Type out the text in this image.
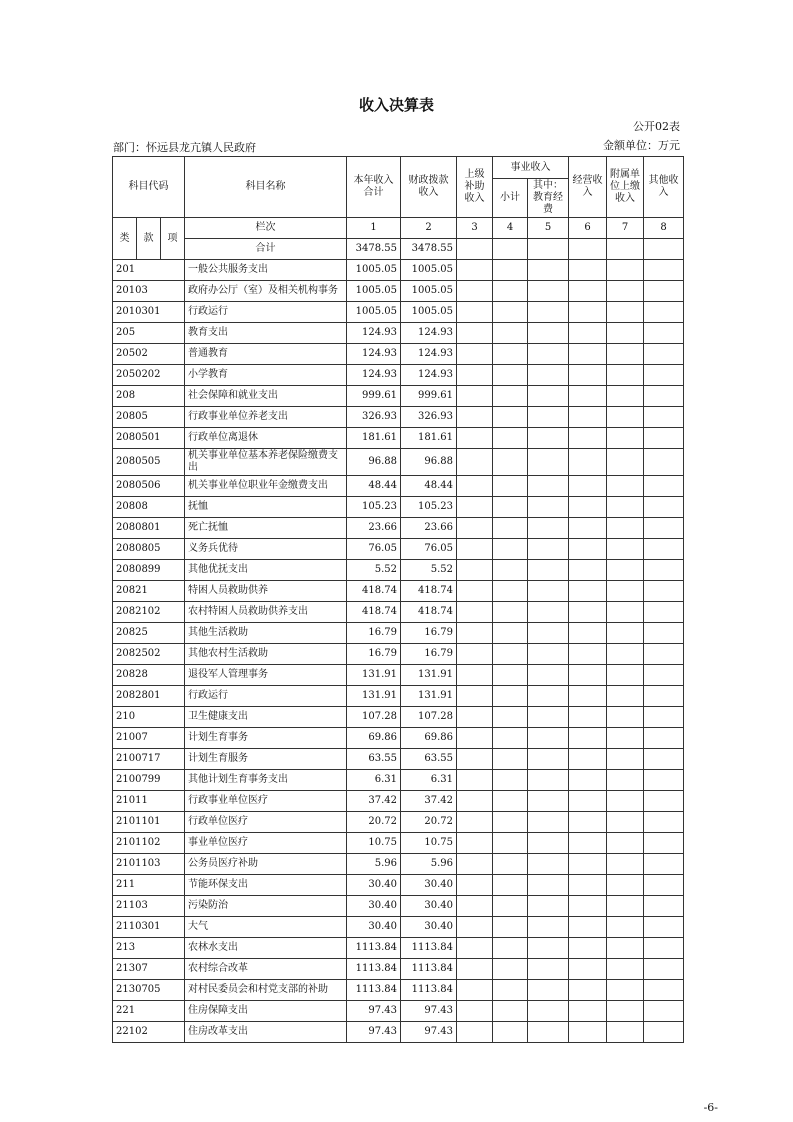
收入决算表
公开02表
部门：怀远县龙亢镇人民政府	金额单位：万元
科目代码			科目名称	本年收入合计	财政拨款收入	上级补助收入	事业收入		经营收入	附属单位上缴收入	其他收入
							小计	其中：教育经费			

类	款	项	栏次	1	2	3	4	5	6	7	8
			合计	3478.55	3478.55						
201			一般公共服务支出	1005.05	1005.05						
20103			政府办公厅（室）及相关机构事务	1005.05	1005.05						
2010301			行政运行	1005.05	1005.05						
205			教育支出	124.93	124.93						
20502			普通教育	124.93	124.93						
2050202			小学教育	124.93	124.93						
208			社会保障和就业支出	999.61	999.61						
20805			行政事业单位养老支出	326.93	326.93						
2080501			行政单位离退休	181.61	181.61						
2080505			机关事业单位基本养老保险缴费支出	96.88	96.88						
2080506			机关事业单位职业年金缴费支出	48.44	48.44						
20808			抚恤	105.23	105.23						
2080801			死亡抚恤	23.66	23.66						
2080805			义务兵优待	76.05	76.05						
2080899			其他优抚支出	5.52	5.52						
20821			特困人员救助供养	418.74	418.74						
2082102			农村特困人员救助供养支出	418.74	418.74						
20825			其他生活救助	16.79	16.79						
2082502			其他农村生活救助	16.79	16.79						
20828			退役军人管理事务	131.91	131.91						
2082801			行政运行	131.91	131.91						
210			卫生健康支出	107.28	107.28						
21007			计划生育事务	69.86	69.86						
2100717			计划生育服务	63.55	63.55						
2100799			其他计划生育事务支出	6.31	6.31						
21011			行政事业单位医疗	37.42	37.42						
2101101			行政单位医疗	20.72	20.72						
2101102			事业单位医疗	10.75	10.75						
2101103			公务员医疗补助	5.96	5.96						
211			节能环保支出	30.40	30.40						
21103			污染防治	30.40	30.40						
2110301			大气	30.40	30.40						
213			农林水支出	1113.84	1113.84						
21307			农村综合改革	1113.84	1113.84						
2130705			对村民委员会和村党支部的补助	1113.84	1113.84						
221			住房保障支出	97.43	97.43						
22102			住房改革支出	97.43	97.43						
-6-
